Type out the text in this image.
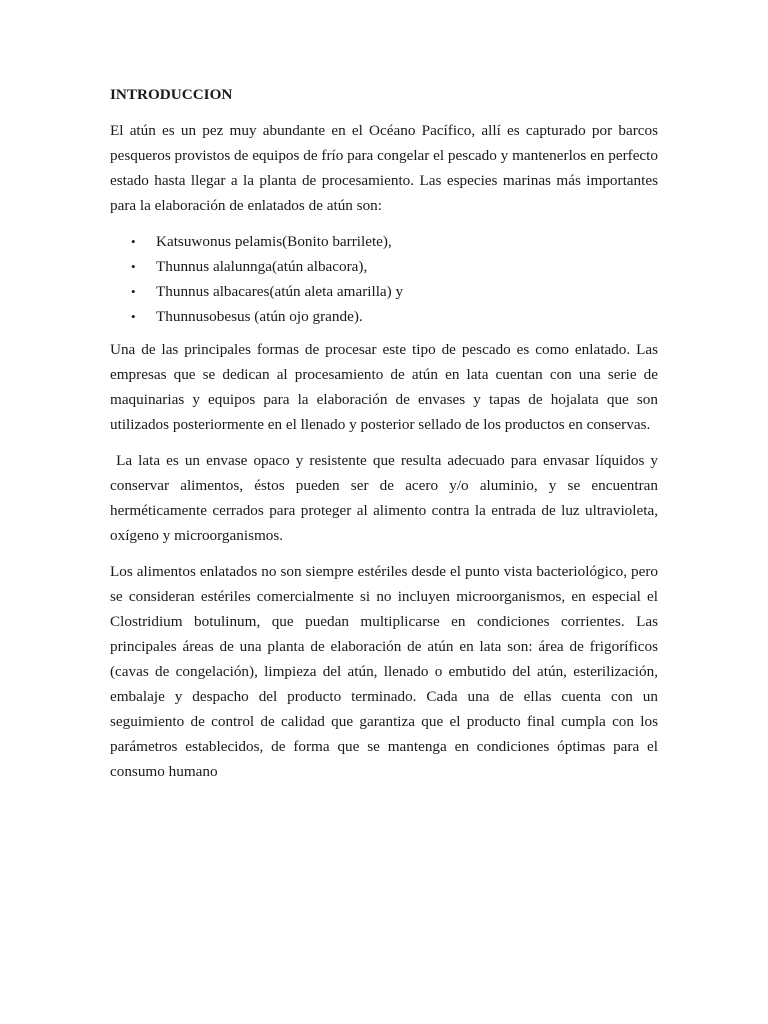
INTRODUCCION

El atún es un pez muy abundante en el Océano Pacífico, allí es capturado por barcos pesqueros provistos de equipos de frío para congelar el pescado y mantenerlos en perfecto estado hasta llegar a la planta de procesamiento. Las especies marinas más importantes para la elaboración de enlatados de atún son:

• Katsuwonus pelamis(Bonito barrilete),
• Thunnus alalunnga(atún albacora),
• Thunnus albacares(atún aleta amarilla) y
• Thunnusobesus (atún ojo grande).

Una de las principales formas de procesar este tipo de pescado es como enlatado. Las empresas que se dedican al procesamiento de atún en lata cuentan con una serie de maquinarias y equipos para la elaboración de envases y tapas de hojalata que son utilizados posteriormente en el llenado y posterior sellado de los productos en conservas.

La lata es un envase opaco y resistente que resulta adecuado para envasar líquidos y conservar alimentos, éstos pueden ser de acero y/o aluminio, y se encuentran herméticamente cerrados para proteger al alimento contra la entrada de luz ultravioleta, oxígeno y microorganismos.

Los alimentos enlatados no son siempre estériles desde el punto vista bacteriológico, pero se consideran estériles comercialmente si no incluyen microorganismos, en especial el Clostridium botulinum, que puedan multiplicarse en condiciones corrientes. Las principales áreas de una planta de elaboración de atún en lata son: área de frigoríficos (cavas de congelación), limpieza del atún, llenado o embutido del atún, esterilización, embalaje y despacho del producto terminado. Cada una de ellas cuenta con un seguimiento de control de calidad que garantiza que el producto final cumpla con los parámetros establecidos, de forma que se mantenga en condiciones óptimas para el consumo humano
